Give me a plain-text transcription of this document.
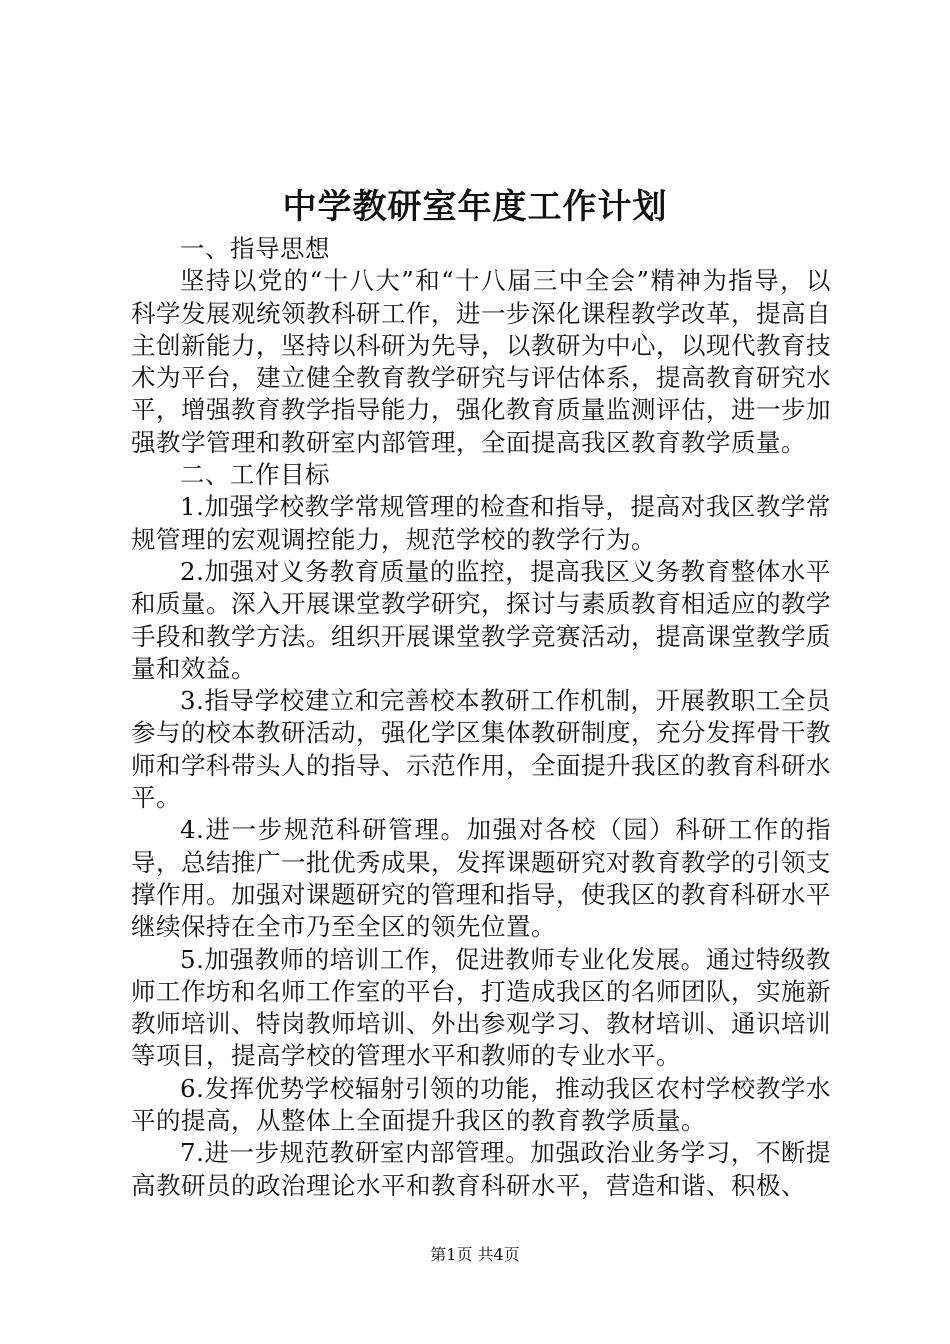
中学教研室年度工作计划

一、指导思想

坚持以党的“十八大”和“十八届三中全会”精神为指导，以科学发展观统领教科研工作，进一步深化课程教学改革，提高自主创新能力，坚持以科研为先导，以教研为中心，以现代教育技术为平台，建立健全教育教学研究与评估体系，提高教育研究水平，增强教育教学指导能力，强化教育质量监测评估，进一步加强教学管理和教研室内部管理，全面提高我区教育教学质量。

二、工作目标

1.加强学校教学常规管理的检查和指导，提高对我区教学常规管理的宏观调控能力，规范学校的教学行为。

2.加强对义务教育质量的监控，提高我区义务教育整体水平和质量。深入开展课堂教学研究，探讨与素质教育相适应的教学手段和教学方法。组织开展课堂教学竞赛活动，提高课堂教学质量和效益。

3.指导学校建立和完善校本教研工作机制，开展教职工全员参与的校本教研活动，强化学区集体教研制度，充分发挥骨干教师和学科带头人的指导、示范作用，全面提升我区的教育科研水平。

4.进一步规范科研管理。加强对各校（园）科研工作的指导，总结推广一批优秀成果，发挥课题研究对教育教学的引领支撑作用。加强对课题研究的管理和指导，使我区的教育科研水平继续保持在全市乃至全区的领先位置。

5.加强教师的培训工作，促进教师专业化发展。通过特级教师工作坊和名师工作室的平台，打造成我区的名师团队，实施新教师培训、特岗教师培训、外出参观学习、教材培训、通识培训等项目，提高学校的管理水平和教师的专业水平。

6.发挥优势学校辐射引领的功能，推动我区农村学校教学水平的提高，从整体上全面提升我区的教育教学质量。

7.进一步规范教研室内部管理。加强政治业务学习，不断提高教研员的政治理论水平和教育科研水平，营造和谐、积极、

第1页 共4页
